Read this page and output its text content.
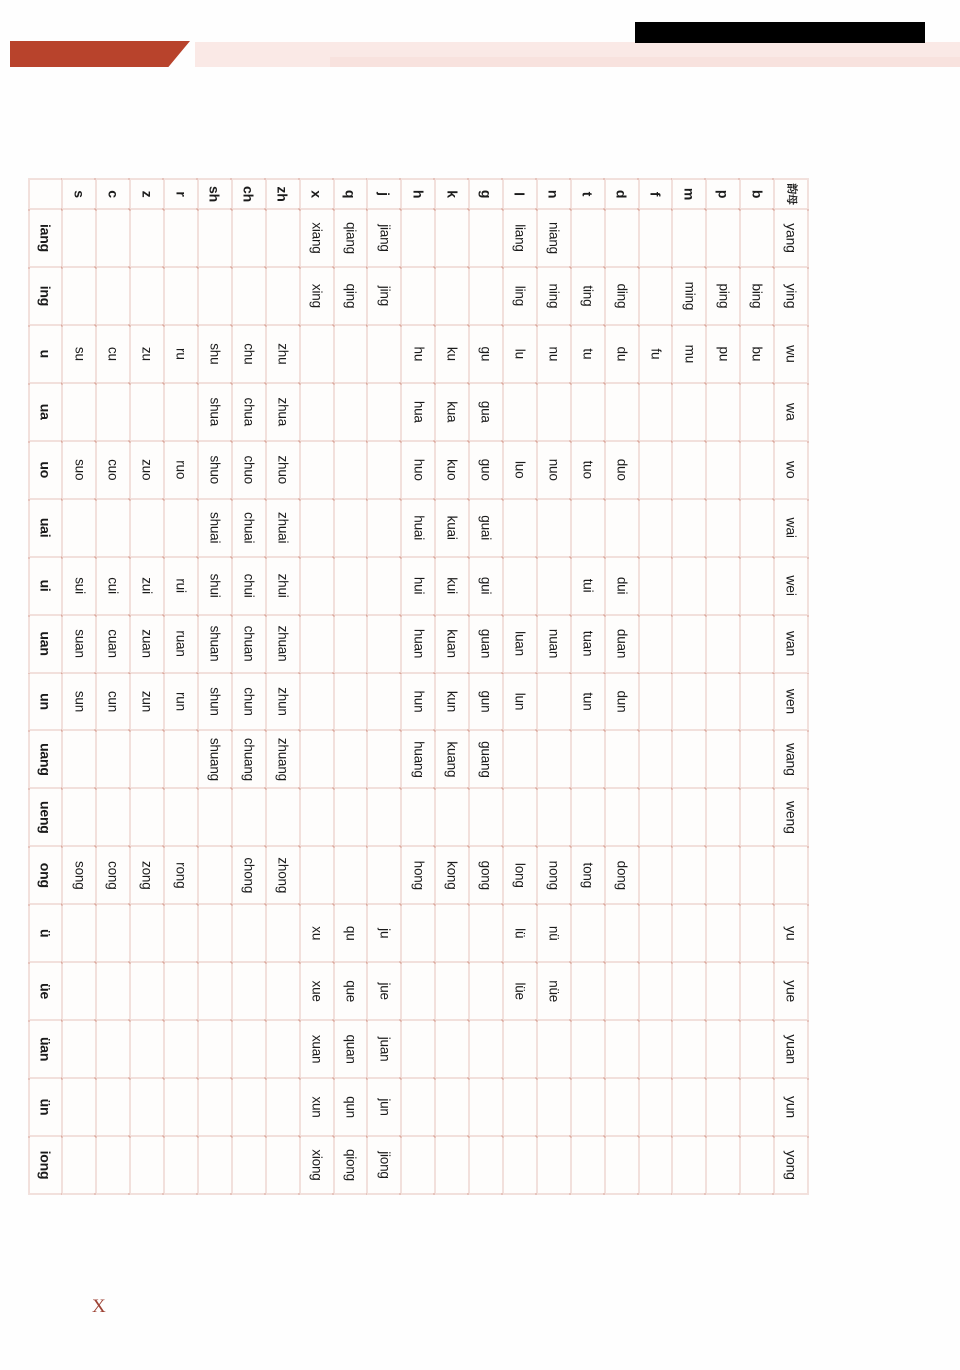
韵母	yang	ying	wu	wa	wo	wai	wei	wan	wen	wang	weng		yu	yue	yuan	yun	yong
b		bing	bu														
p		ping	pu														
m		ming	mu														
f			fu														
d		ding	du		duo		dui	duan	dun			dong					
t		ting	tu		tuo		tui	tuan	tun			tong					
n	niang	ning	nu		nuo			nuan				nong	nü	nüe			
l	liang	ling	lu		luo			luan	lun			long	lü	lüe			
g			gu	gua	guo	guai	gui	guan	gun	guang		gong					
k			ku	kua	kuo	kuai	kui	kuan	kun	kuang		kong					
h			hu	hua	huo	huai	hui	huan	hun	huang		hong					
j	jiang	jing											ju	jue	juan	jun	jiong
q	qiang	qing											qu	que	quan	qun	qiong
x	xiang	xing											xu	xue	xuan	xun	xiong
zh			zhu	zhua	zhuo	zhuai	zhui	zhuan	zhun	zhuang		zhong					
ch			chu	chua	chuo	chuai	chui	chuan	chun	chuang		chong					
sh			shu	shua	shuo	shuai	shui	shuan	shun	shuang							
r			ru		ruo		rui	ruan	run			rong					
z			zu		zuo		zui	zuan	zun			zong					
c			cu		cuo		cui	cuan	cun			cong					
s			su		suo		sui	suan	sun			song					
	iang	ing	u	ua	uo	uai	ui	uan	un	uang	ueng	ong	ü	üe	üan	ün	iong
X
